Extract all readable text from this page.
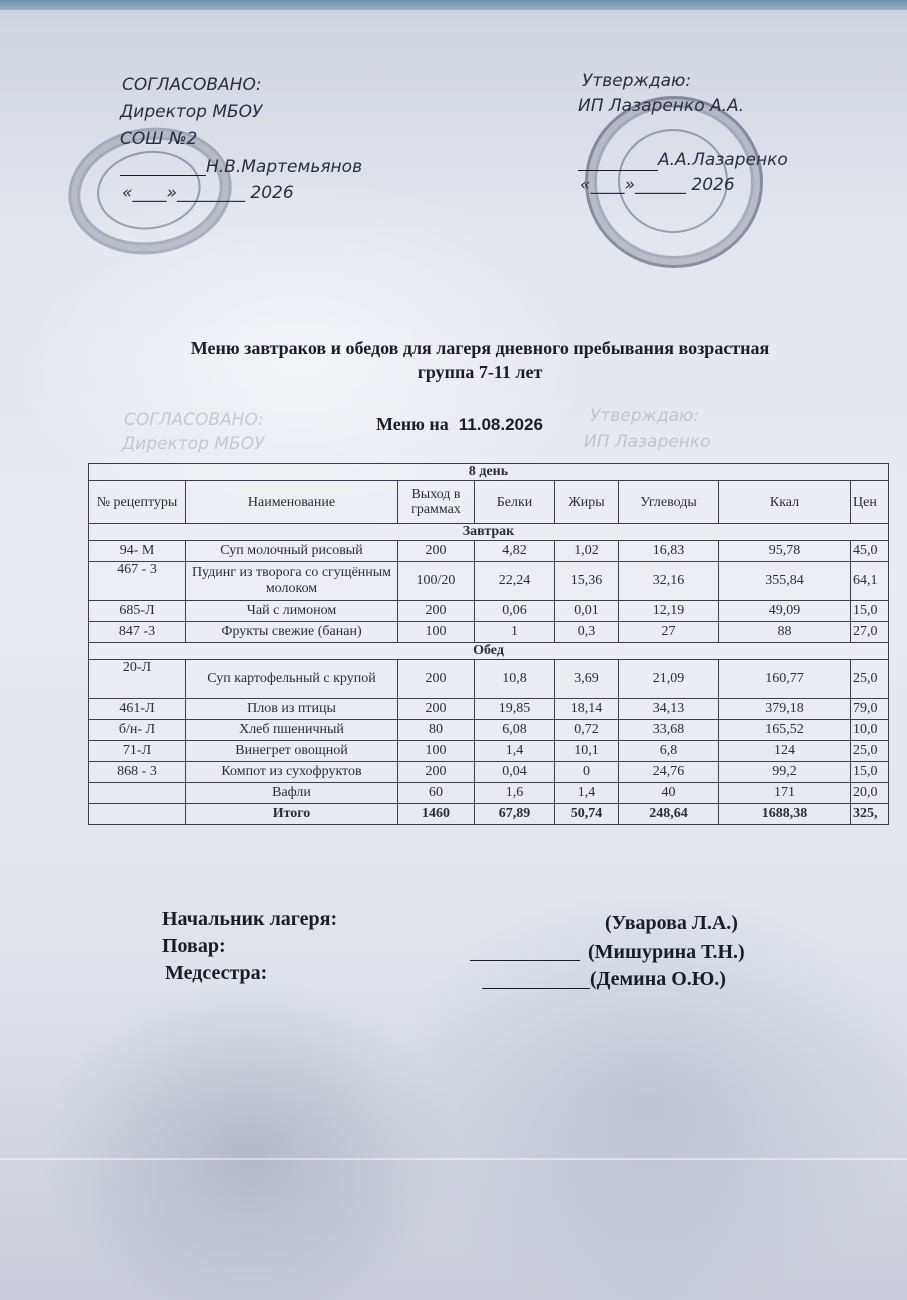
СОГЛАСОВАНО:
Директор МБОУ
СОШ №2
Н.В.Мартемьянов
«____»________ 2026
Утверждаю:
ИП Лазаренко А.А.
А.А.Лазаренко
«____»______ 2026
Меню завтраков и обедов для лагеря дневного пребывания возрастная
группа 7-11 лет
СОГЛАСОВАНО:
Директор МБОУ
Утверждаю:
ИП Лазаренко
Меню на 11.08.2026
8 день							
№ рецептуры	Наименование	Выход в граммах	Белки	Жиры	Углеводы	Ккал	Цен
Завтрак							
94- М	Суп молочный рисовый	200	4,82	1,02	16,83	95,78	45,0
467 - 3	Пудинг из творога со сгущённым молоком	100/20	22,24	15,36	32,16	355,84	64,1
685-Л	Чай с лимоном	200	0,06	0,01	12,19	49,09	15,0
847 -3	Фрукты свежие (банан)	100	1	0,3	27	88	27,0
Обед							
20-Л	Суп картофельный с крупой	200	10,8	3,69	21,09	160,77	25,0
461-Л	Плов из птицы	200	19,85	18,14	34,13	379,18	79,0
б/н- Л	Хлеб пшеничный	80	6,08	0,72	33,68	165,52	10,0
71-Л	Винегрет овощной	100	1,4	10,1	6,8	124	25,0
868 - 3	Компот из сухофруктов	200	0,04	0	24,76	99,2	15,0
	Вафли	60	1,6	1,4	40	171	20,0
	Итого	1460	67,89	50,74	248,64	1688,38	325,
Начальник лагеря:	(Уварова Л.А.)
Повар:	(Мишурина Т.Н.)
Медсестра:	(Демина О.Ю.)
